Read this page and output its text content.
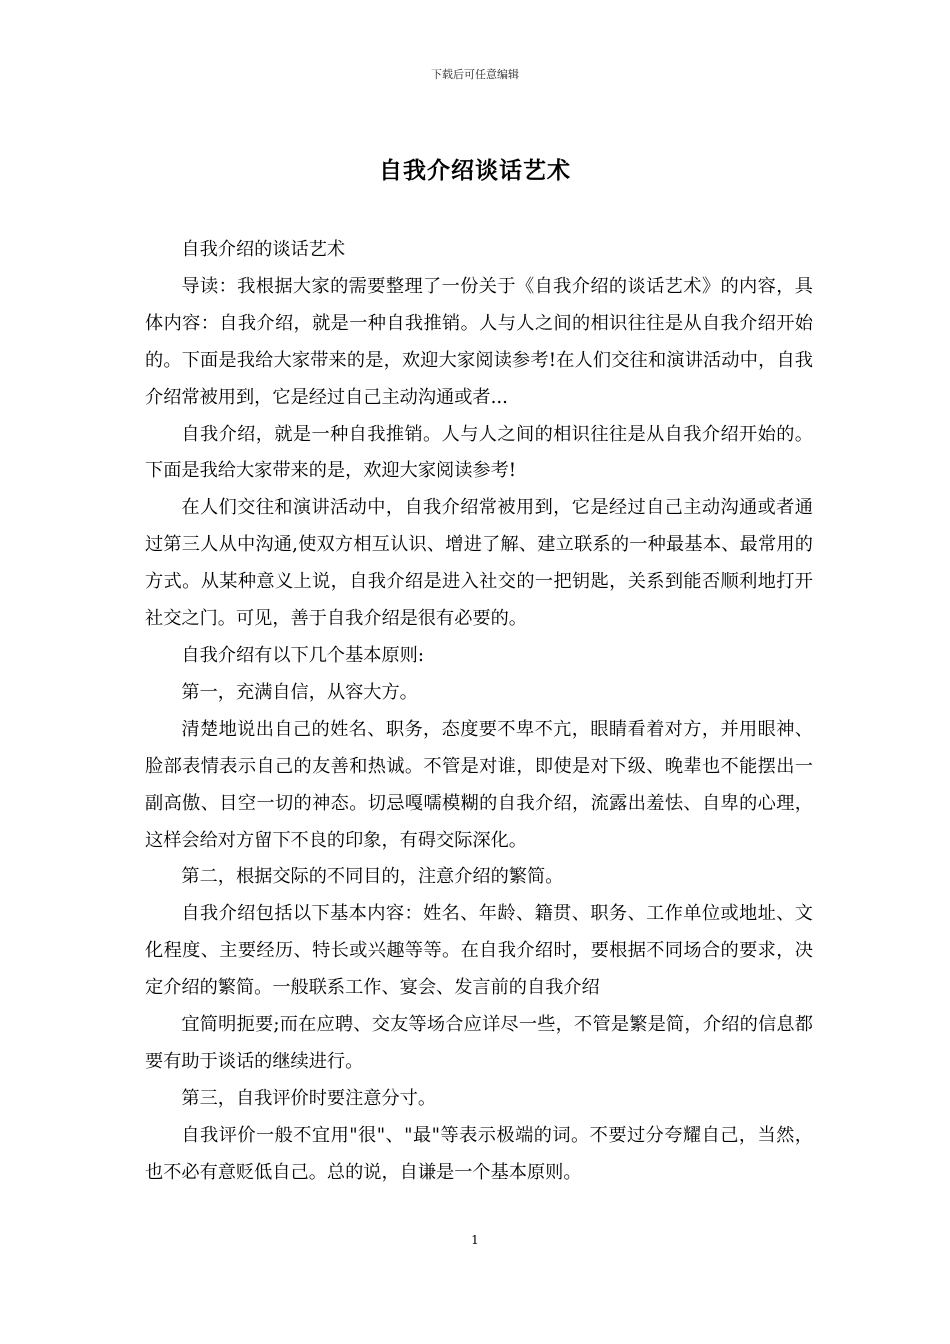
下载后可任意编辑
自我介绍谈话艺术

自我介绍的谈话艺术

导读：我根据大家的需要整理了一份关于《自我介绍的谈话艺术》的内容，具体内容：自我介绍，就是一种自我推销。人与人之间的相识往往是从自我介绍开始的。下面是我给大家带来的是，欢迎大家阅读参考!在人们交往和演讲活动中，自我介绍常被用到，它是经过自己主动沟通或者...

自我介绍，就是一种自我推销。人与人之间的相识往往是从自我介绍开始的。下面是我给大家带来的是，欢迎大家阅读参考!

在人们交往和演讲活动中，自我介绍常被用到，它是经过自己主动沟通或者通过第三人从中沟通,使双方相互认识、增进了解、建立联系的一种最基本、最常用的方式。从某种意义上说，自我介绍是进入社交的一把钥匙，关系到能否顺利地打开社交之门。可见，善于自我介绍是很有必要的。

自我介绍有以下几个基本原则:

第一，充满自信，从容大方。

清楚地说出自己的姓名、职务，态度要不卑不亢，眼睛看着对方，并用眼神、脸部表情表示自己的友善和热诚。不管是对谁，即使是对下级、晚辈也不能摆出一副高傲、目空一切的神态。切忌嘎嚅模糊的自我介绍，流露出羞怯、自卑的心理，这样会给对方留下不良的印象，有碍交际深化。

第二，根据交际的不同目的，注意介绍的繁简。

自我介绍包括以下基本内容：姓名、年龄、籍贯、职务、工作单位或地址、文化程度、主要经历、特长或兴趣等等。在自我介绍时，要根据不同场合的要求，决定介绍的繁简。一般联系工作、宴会、发言前的自我介绍

宜简明扼要;而在应聘、交友等场合应详尽一些，不管是繁是简，介绍的信息都要有助于谈话的继续进行。

第三，自我评价时要注意分寸。

自我评价一般不宜用"很"、"最"等表示极端的词。不要过分夸耀自己，当然，也不必有意贬低自己。总的说，自谦是一个基本原则。

1
